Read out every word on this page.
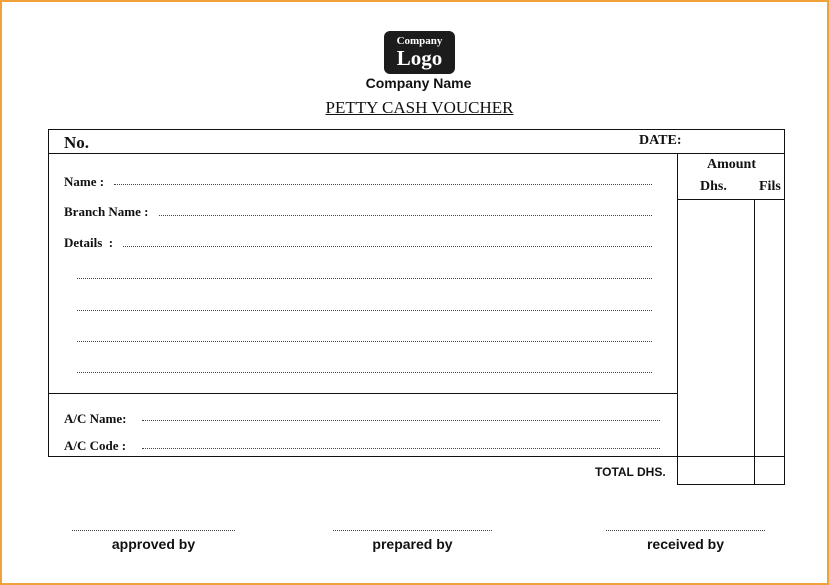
Company
Logo
Company Name
PETTY CASH VOUCHER
No.	DATE:
Amount
Dhs. Fils
Name :
Branch Name :
Details  :
A/C Name:
A/C Code :
TOTAL DHS.
approved by	prepared by	received by
